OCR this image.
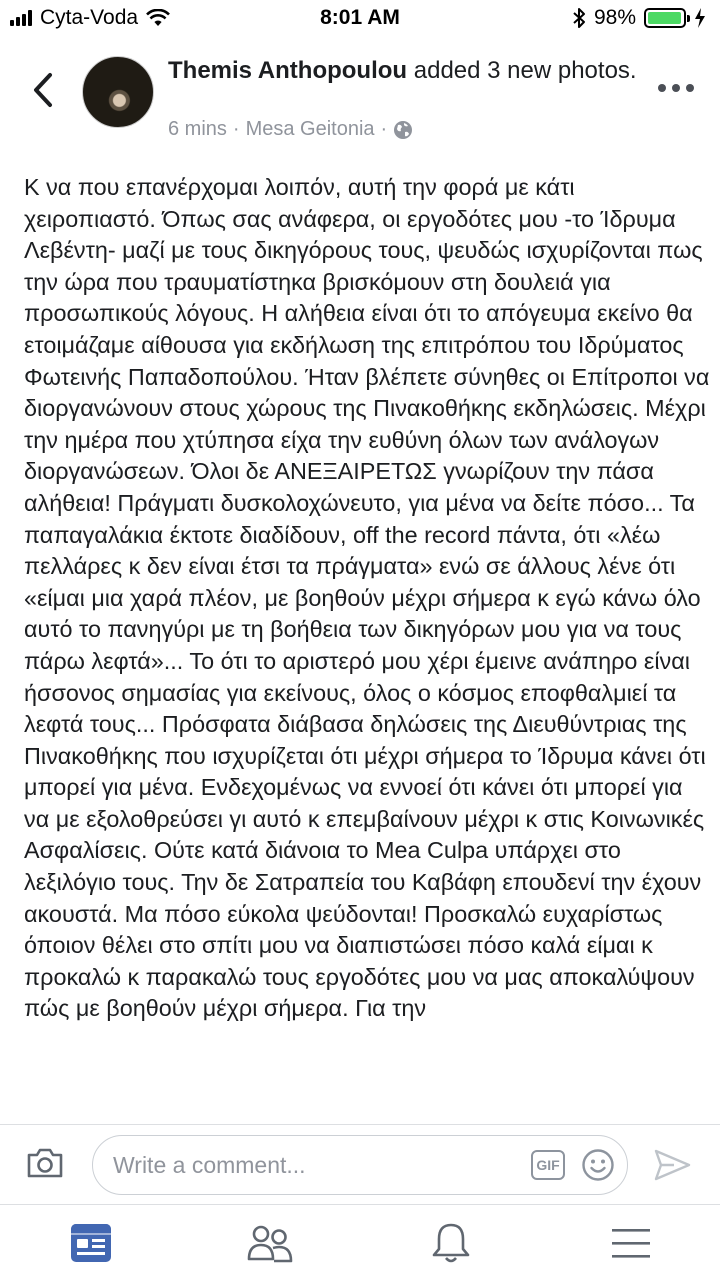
Cyta-Voda	8:01 AM	98%
Themis Anthopoulou added 3 new photos.
6 mins · Mesa Geitonia ·
Κ να που επανέρχομαι λοιπόν, αυτή την φορά με κάτι χειροπιαστό. Όπως σας ανάφερα, οι εργοδότες μου -το Ίδρυμα Λεβέντη- μαζί με τους δικηγόρους τους, ψευδώς ισχυρίζονται πως την ώρα που τραυματίστηκα βρισκόμουν στη δουλειά για προσωπικούς λόγους. Η αλήθεια είναι ότι το απόγευμα εκείνο θα ετοιμάζαμε αίθουσα για εκδήλωση της επιτρόπου του Ιδρύματος Φωτεινής Παπαδοπούλου. Ήταν βλέπετε σύνηθες οι Επίτροποι να διοργανώνουν στους χώρους της Πινακοθήκης εκδηλώσεις. Μέχρι την ημέρα που χτύπησα είχα την ευθύνη όλων των ανάλογων διοργανώσεων. Όλοι δε ΑΝΕΞΑΙΡΕΤΩΣ γνωρίζουν την πάσα αλήθεια! Πράγματι δυσκολοχώνευτο, για μένα να δείτε πόσο... Τα παπαγαλάκια έκτοτε διαδίδουν, off the record πάντα, ότι «λέω πελλάρες κ δεν είναι έτσι τα πράγματα» ενώ σε άλλους λένε ότι «είμαι μια χαρά πλέον, με βοηθούν μέχρι σήμερα κ εγώ κάνω όλο αυτό το πανηγύρι με τη βοήθεια των δικηγόρων μου για να τους πάρω λεφτά»... Το ότι το αριστερό μου χέρι έμεινε ανάπηρο είναι ήσσονος σημασίας για εκείνους, όλος ο κόσμος εποφθαλμιεί τα λεφτά τους... Πρόσφατα διάβασα δηλώσεις της Διευθύντριας της Πινακοθήκης που ισχυρίζεται ότι μέχρι σήμερα το Ίδρυμα κάνει ότι μπορεί για μένα. Ενδεχομένως να εννοεί ότι κάνει ότι μπορεί για να με εξολοθρεύσει γι αυτό κ επεμβαίνουν μέχρι κ στις Κοινωνικές Ασφαλίσεις. Ούτε κατά διάνοια το Mea Culpa υπάρχει στο λεξιλόγιο τους. Την δε Σατραπεία του Καβάφη επουδενί την έχουν ακουστά. Μα πόσο εύκολα ψεύδονται! Προσκαλώ ευχαρίστως όποιον θέλει στο σπίτι μου να διαπιστώσει πόσο καλά είμαι κ προκαλώ κ παρακαλώ τους εργοδότες μου να μας αποκαλύψουν πώς με βοηθούν μέχρι σήμερα. Για την
Write a comment...
GIF
